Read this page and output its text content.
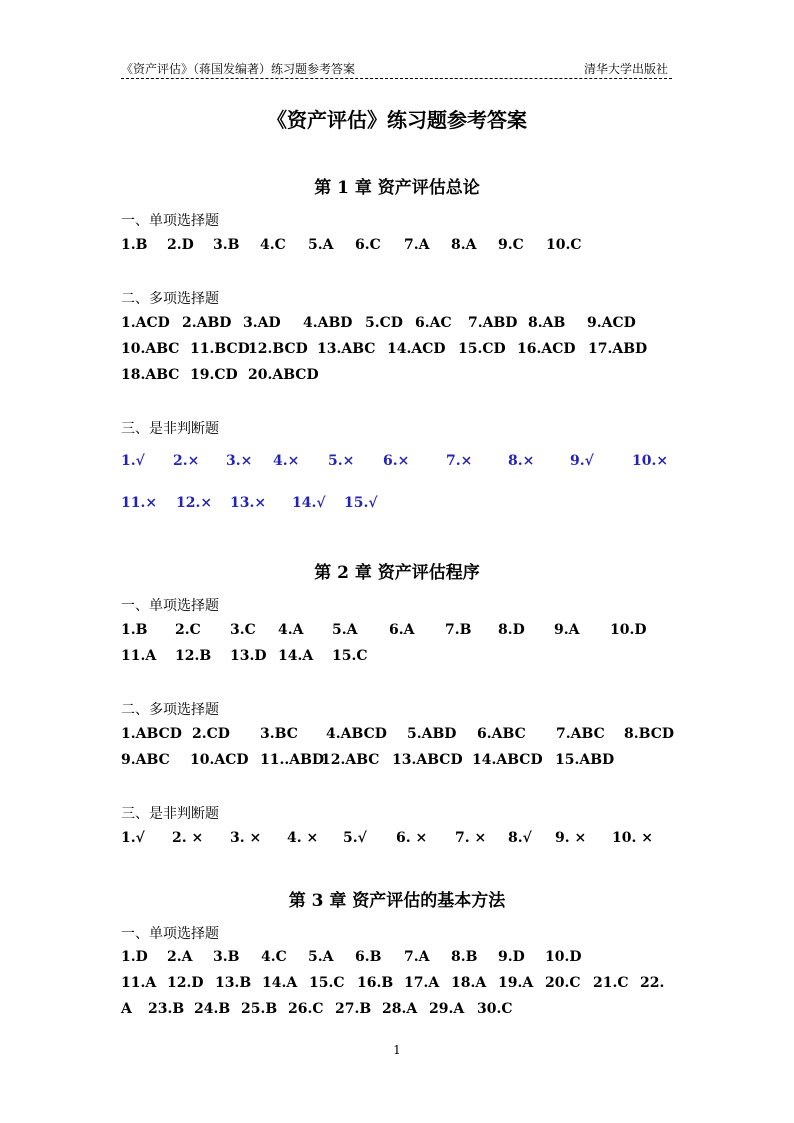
《资产评估》（蒋国发编著）练习题参考答案	清华大学出版社
《资产评估》练习题参考答案
第 1 章 资产评估总论
一、单项选择题
1.B 2.D 3.B 4.C 5.A 6.C 7.A 8.A 9.C 10.C
二、多项选择题
1.ACD 2.ABD 3.AD 4.ABD 5.CD 6.AC 7.ABD 8.AB 9.ACD
10.ABC 11.BCD
12.BCD 13.ABC 14.ACD 15.CD 16.ACD 17.ABD
18.ABC 19.CD 20.ABCD
三、是非判断题
1.√ 2.× 3.× 4.× 5.× 6.×	7.×	8.×	9.√	10.×
11.× 12.× 13.× 14.√ 15.√
第 2 章 资产评估程序
一、单项选择题
1.B 2.C 3.C 4.A 5.A 6.A 7.B 8.D 9.A 10.D
11.A 12.B 13.D 14.A 15.C
二、多项选择题
1.ABCD 2.CD 3.BC 4.ABCD 5.ABD 6.ABC 7.ABC 8.BCD
9.ABC 10.ACD 11..ABD
12.ABC 13.ABCD 14.ABCD 15.ABD
三、是非判断题
1.√ 2. × 3. × 4. × 5.√ 6. × 7. × 8.√ 9. × 10. ×
第 3 章 资产评估的基本方法
一、单项选择题
1.D 2.A 3.B 4.C 5.A 6.B 7.A 8.B 9.D 10.D
11.A 12.D 13.B 14.A 15.C 16.B 17.A 18.A 19.A 20.C 21.C 22.
A 23.B 24.B 25.B 26.C 27.B 28.A 29.A 30.C
1
